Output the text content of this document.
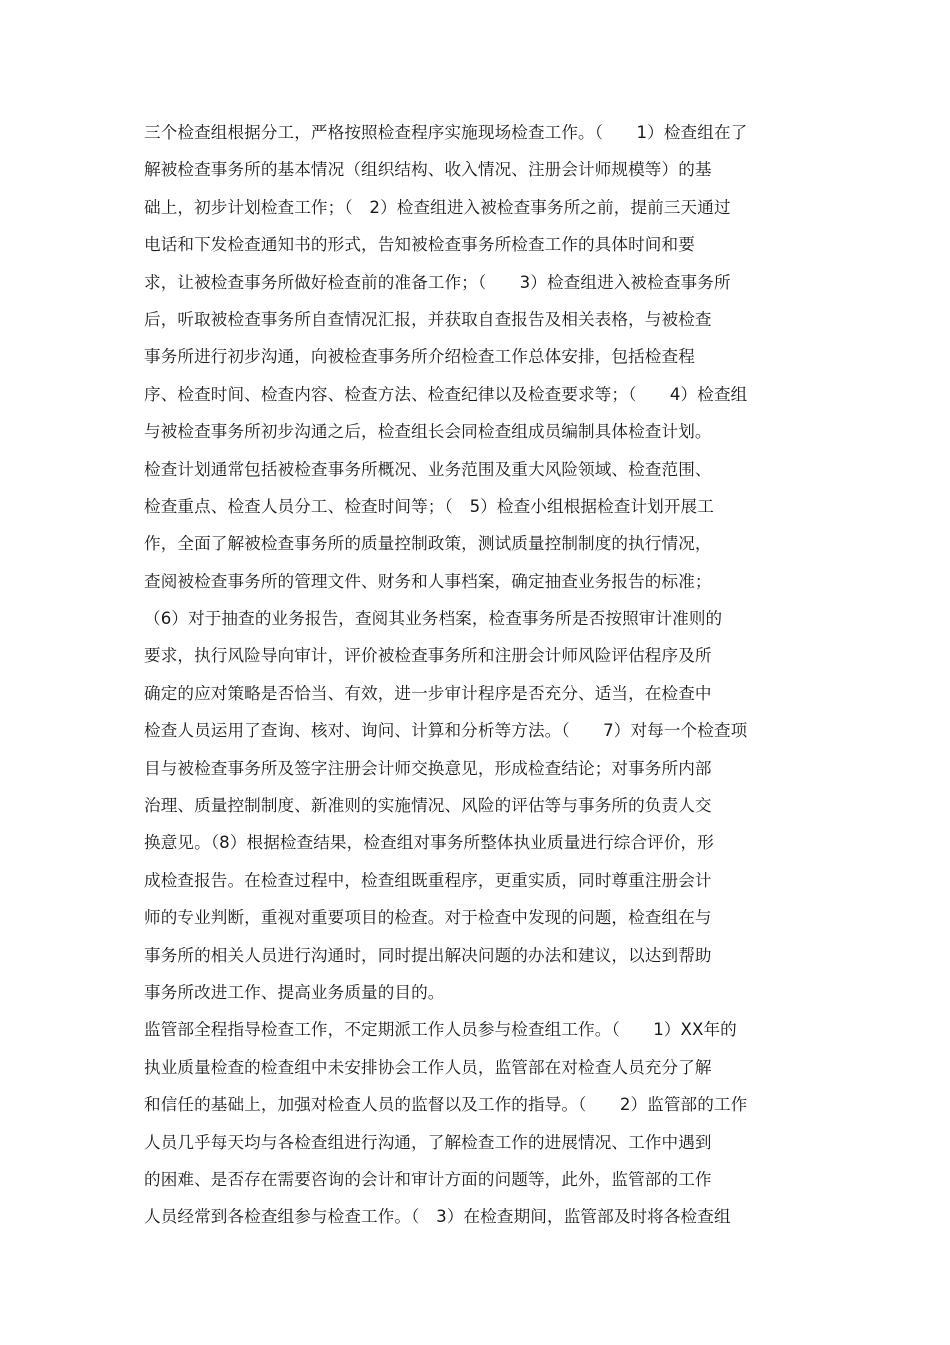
三个检查组根据分工，严格按照检查程序实施现场检查工作。（　　1）检查组在了
解被检查事务所的基本情况（组织结构、收入情况、注册会计师规模等）的基
础上，初步计划检查工作；（　2）检查组进入被检查事务所之前，提前三天通过
电话和下发检查通知书的形式，告知被检查事务所检查工作的具体时间和要
求，让被检查事务所做好检查前的准备工作；（　　3）检查组进入被检查事务所
后，听取被检查事务所自查情况汇报，并获取自查报告及相关表格，与被检查
事务所进行初步沟通，向被检查事务所介绍检查工作总体安排，包括检查程
序、检查时间、检查内容、检查方法、检查纪律以及检查要求等；（　　4）检查组
与被检查事务所初步沟通之后，检查组长会同检查组成员编制具体检查计划。
检查计划通常包括被检查事务所概况、业务范围及重大风险领域、检查范围、
检查重点、检查人员分工、检查时间等；（　5）检查小组根据检查计划开展工
作，全面了解被检查事务所的质量控制政策，测试质量控制制度的执行情况，
查阅被检查事务所的管理文件、财务和人事档案，确定抽查业务报告的标准；
（6）对于抽查的业务报告，查阅其业务档案，检查事务所是否按照审计准则的
要求，执行风险导向审计，评价被检查事务所和注册会计师风险评估程序及所
确定的应对策略是否恰当、有效，进一步审计程序是否充分、适当，在检查中
检查人员运用了查询、核对、询问、计算和分析等方法。（　　7）对每一个检查项
目与被检查事务所及签字注册会计师交换意见，形成检查结论；对事务所内部
治理、质量控制制度、新准则的实施情况、风险的评估等与事务所的负责人交
换意见。（8）根据检查结果，检查组对事务所整体执业质量进行综合评价，形
成检查报告。在检查过程中，检查组既重程序，更重实质，同时尊重注册会计
师的专业判断，重视对重要项目的检查。对于检查中发现的问题，检查组在与
事务所的相关人员进行沟通时，同时提出解决问题的办法和建议，以达到帮助
事务所改进工作、提高业务质量的目的。
监管部全程指导检查工作，不定期派工作人员参与检查组工作。（　　1）XX年的
执业质量检查的检查组中未安排协会工作人员，监管部在对检查人员充分了解
和信任的基础上，加强对检查人员的监督以及工作的指导。（　　2）监管部的工作
人员几乎每天均与各检查组进行沟通，了解检查工作的进展情况、工作中遇到
的困难、是否存在需要咨询的会计和审计方面的问题等，此外，监管部的工作
人员经常到各检查组参与检查工作。（　3）在检查期间，监管部及时将各检查组
